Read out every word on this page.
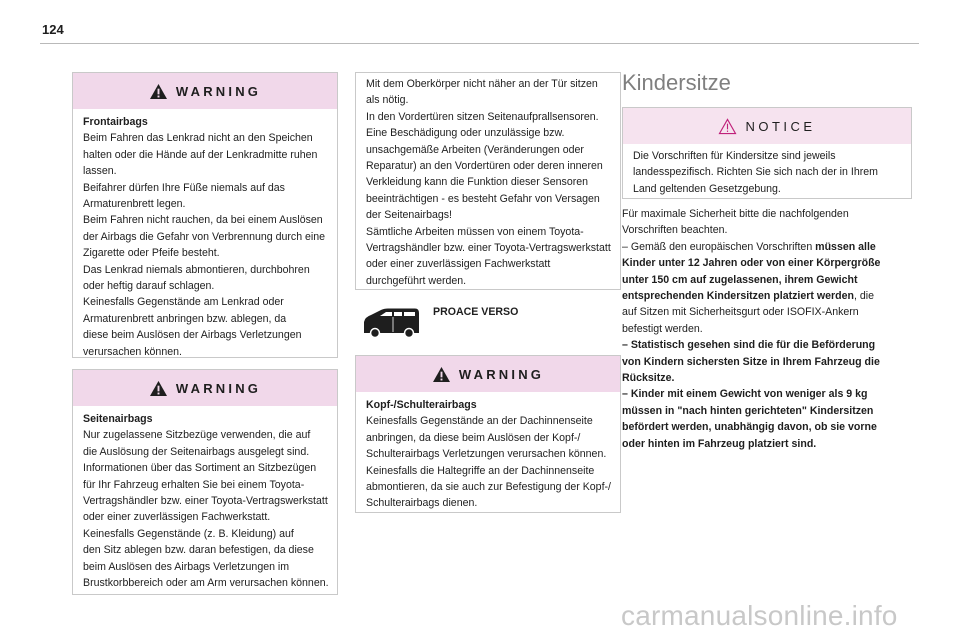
124
WARNING
Frontairbags
Beim Fahren das Lenkrad nicht an den Speichen
halten oder die Hände auf der Lenkradmitte ruhen
lassen.
Beifahrer dürfen Ihre Füße niemals auf das
Armaturenbrett legen.
Beim Fahren nicht rauchen, da bei einem Auslösen
der Airbags die Gefahr von Verbrennung durch eine
Zigarette oder Pfeife besteht.
Das Lenkrad niemals abmontieren, durchbohren
oder heftig darauf schlagen.
Keinesfalls Gegenstände am Lenkrad oder
Armaturenbrett anbringen bzw. ablegen, da
diese beim Auslösen der Airbags Verletzungen
verursachen können.
WARNING
Seitenairbags
Nur zugelassene Sitzbezüge verwenden, die auf
die Auslösung der Seitenairbags ausgelegt sind.
Informationen über das Sortiment an Sitzbezügen
für Ihr Fahrzeug erhalten Sie bei einem Toyota-
Vertragshändler bzw. einer Toyota-Vertragswerkstatt
oder einer zuverlässigen Fachwerkstatt.
Keinesfalls Gegenstände (z. B. Kleidung) auf
den Sitz ablegen bzw. daran befestigen, da diese
beim Auslösen des Airbags Verletzungen im
Brustkorbbereich oder am Arm verursachen können.
Mit dem Oberkörper nicht näher an der Tür sitzen
als nötig.
In den Vordertüren sitzen Seitenaufprallsensoren.
Eine Beschädigung oder unzulässige bzw.
unsachgemäße Arbeiten (Veränderungen oder
Reparatur) an den Vordertüren oder deren inneren
Verkleidung kann die Funktion dieser Sensoren
beeinträchtigen - es besteht Gefahr von Versagen
der Seitenairbags!
Sämtliche Arbeiten müssen von einem Toyota-
Vertragshändler bzw. einer Toyota-Vertragswerkstatt
oder einer zuverlässigen Fachwerkstatt
durchgeführt werden.
PROACE VERSO
WARNING
Kopf-/Schulterairbags
Keinesfalls Gegenstände an der Dachinnenseite
anbringen, da diese beim Auslösen der Kopf-/
Schulterairbags Verletzungen verursachen können.
Keinesfalls die Haltegriffe an der Dachinnenseite
abmontieren, da sie auch zur Befestigung der Kopf-/
Schulterairbags dienen.
Kindersitze
NOTICE
Die Vorschriften für Kindersitze sind jeweils
landesspezifisch. Richten Sie sich nach der in Ihrem
Land geltenden Gesetzgebung.
Für maximale Sicherheit bitte die nachfolgenden
Vorschriften beachten.
– Gemäß den europäischen Vorschriften müssen alle
Kinder unter 12 Jahren oder von einer Körpergröße
unter 150 cm auf zugelassenen, ihrem Gewicht
entsprechenden Kindersitzen platziert werden, die
auf Sitzen mit Sicherheitsgurt oder ISOFIX-Ankern
befestigt werden.
– Statistisch gesehen sind die für die Beförderung
von Kindern sichersten Sitze in Ihrem Fahrzeug die
Rücksitze.
– Kinder mit einem Gewicht von weniger als 9 kg
müssen in "nach hinten gerichteten" Kindersitzen
befördert werden, unabhängig davon, ob sie vorne
oder hinten im Fahrzeug platziert sind.
carmanualsonline.info
